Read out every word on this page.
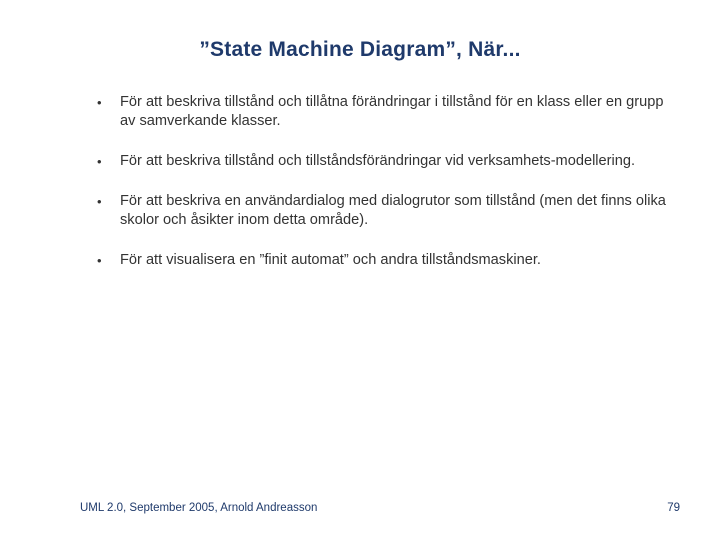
”State Machine Diagram”, När...
• För att beskriva tillstånd och tillåtna förändringar i tillstånd för en klass eller en grupp av samverkande klasser.
• För att beskriva tillstånd och tillståndsförändringar vid verksamhets-modellering.
• För att beskriva en användardialog med dialogrutor som tillstånd (men det finns olika skolor och åsikter inom detta område).
• För att visualisera en ”finit automat” och andra tillståndsmaskiner.
UML 2.0, September 2005, Arnold Andreasson	79
